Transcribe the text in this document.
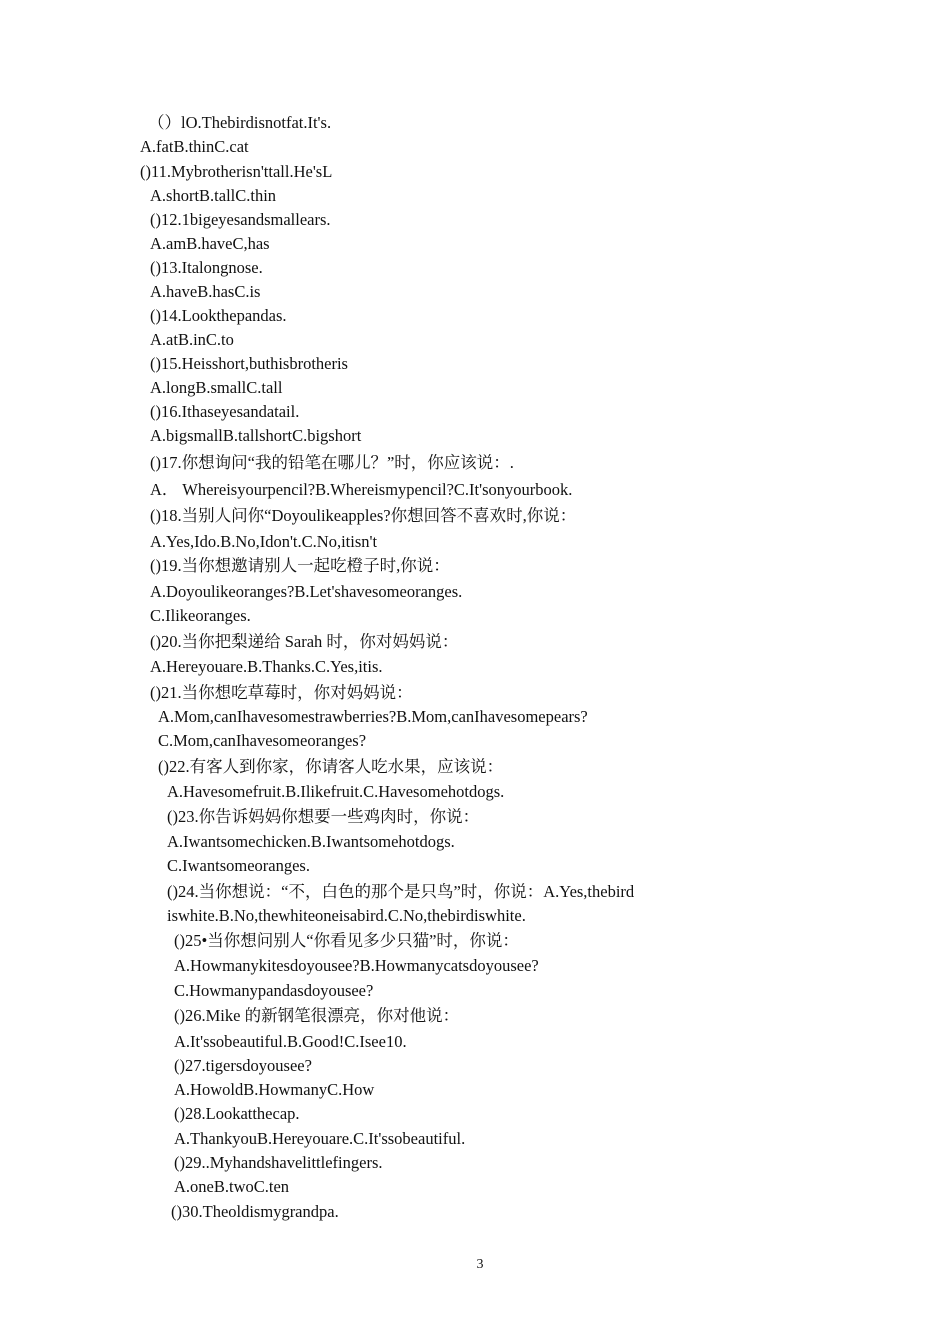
（）lO.Thebirdisnotfat.It's.
A.fatB.thinC.cat
()11.Mybrotherisn'ttall.He'sL
A.shortB.tallC.thin
()12.1bigeyesandsmallears.
A.amB.haveC,has
()13.Italongnose.
A.haveB.hasC.is
()14.Lookthepandas.
A.atB.inC.to
()15.Heisshort,buthisbrotheris
A.longB.smallC.tall
()16.Ithaseyesandatail.
A.bigsmallB.tallshortC.bigshort
()17.你想询问“我的铅笔在哪儿？”时，你应该说：.
A． Whereisyourpencil?B.Whereismypencil?C.It'sonyourbook.
()18.当别人问你“Doyoulikeapples?你想回答不喜欢时,你说：
A.Yes,Ido.B.No,Idon't.C.No,itisn't
()19.当你想邀请别人一起吃橙子时,你说：
A.Doyoulikeoranges?B.Let'shavesomeoranges.
C.Ilikeoranges.
()20.当你把梨递给 Sarah 时，你对妈妈说：
A.Hereyouare.B.Thanks.C.Yes,itis.
()21.当你想吃草莓时，你对妈妈说：
A.Mom,canIhavesomestrawberries?B.Mom,canIhavesomepears?
C.Mom,canIhavesomeoranges?
()22.有客人到你家，你请客人吃水果，应该说：
A.Havesomefruit.B.Ilikefruit.C.Havesomehotdogs.
()23.你告诉妈妈你想要一些鸡肉时，你说：
A.Iwantsomechicken.B.Iwantsomehotdogs.
C.Iwantsomeoranges.
()24.当你想说：“不，白色的那个是只鸟”时，你说：A.Yes,thebird
iswhite.B.No,thewhiteoneisabird.C.No,thebirdiswhite.
()25•当你想问别人“你看见多少只猫”时，你说：
A.Howmanykitesdoyousee?B.Howmanycatsdoyousee?
C.Howmanypandasdoyousee?
()26.Mike 的新钢笔很漂亮，你对他说：
A.It'ssobeautiful.B.Good!C.Isee10.
()27.tigersdoyousee?
A.HowoldB.HowmanyC.How
()28.Lookatthecap.
A.ThankyouB.Hereyouare.C.It'ssobeautiful.
()29..Myhandshavelittlefingers.
A.oneB.twoC.ten
()30.Theoldismygrandpa.
3
